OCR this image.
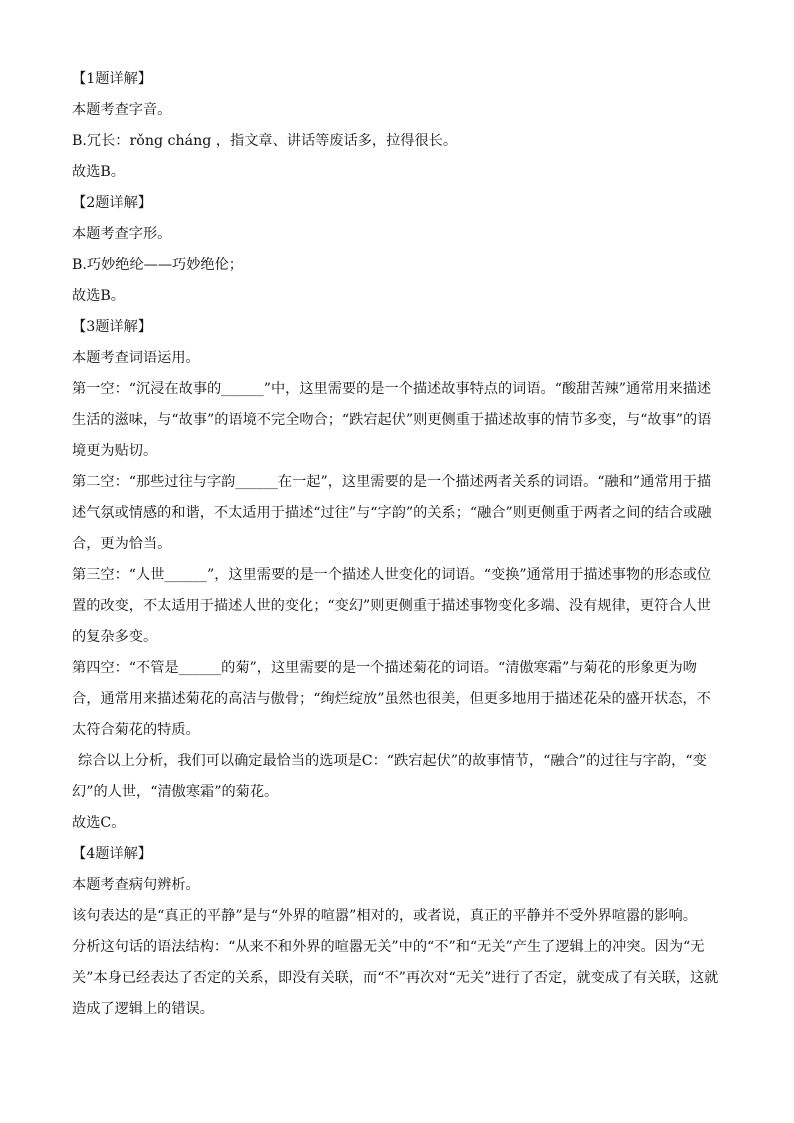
【1题详解】

本题考查字音。

B.冗长：rǒng cháng ，指文章、讲话等废话多，拉得很长。

故选B。

【2题详解】

本题考查字形。

B.巧妙绝纶——巧妙绝伦；

故选B。

【3题详解】

本题考查词语运用。

第一空：“沉浸在故事的______”中，这里需要的是一个描述故事特点的词语。“酸甜苦辣”通常用来描述生活的滋味，与“故事”的语境不完全吻合；“跌宕起伏”则更侧重于描述故事的情节多变，与“故事”的语境更为贴切。

第二空：“那些过往与字韵______在一起”，这里需要的是一个描述两者关系的词语。“融和”通常用于描述气氛或情感的和谐，不太适用于描述“过往”与“字韵”的关系；“融合”则更侧重于两者之间的结合或融合，更为恰当。

第三空：“人世______”，这里需要的是一个描述人世变化的词语。“变换”通常用于描述事物的形态或位置的改变，不太适用于描述人世的变化；“变幻”则更侧重于描述事物变化多端、没有规律，更符合人世的复杂多变。

第四空：“不管是______的菊”，这里需要的是一个描述菊花的词语。“清傲寒霜”与菊花的形象更为吻合，通常用来描述菊花的高洁与傲骨；“绚烂绽放”虽然也很美，但更多地用于描述花朵的盛开状态，不太符合菊花的特质。

综合以上分析，我们可以确定最恰当的选项是C：“跌宕起伏”的故事情节，“融合”的过往与字韵，“变幻”的人世，“清傲寒霜”的菊花。

故选C。

【4题详解】

本题考查病句辨析。

该句表达的是“真正的平静”是与“外界的喧嚣”相对的，或者说，真正的平静并不受外界喧嚣的影响。

分析这句话的语法结构：“从来不和外界的喧嚣无关”中的“不”和“无关”产生了逻辑上的冲突。因为“无关”本身已经表达了否定的关系，即没有关联，而“不”再次对“无关”进行了否定，就变成了有关联，这就造成了逻辑上的错误。
